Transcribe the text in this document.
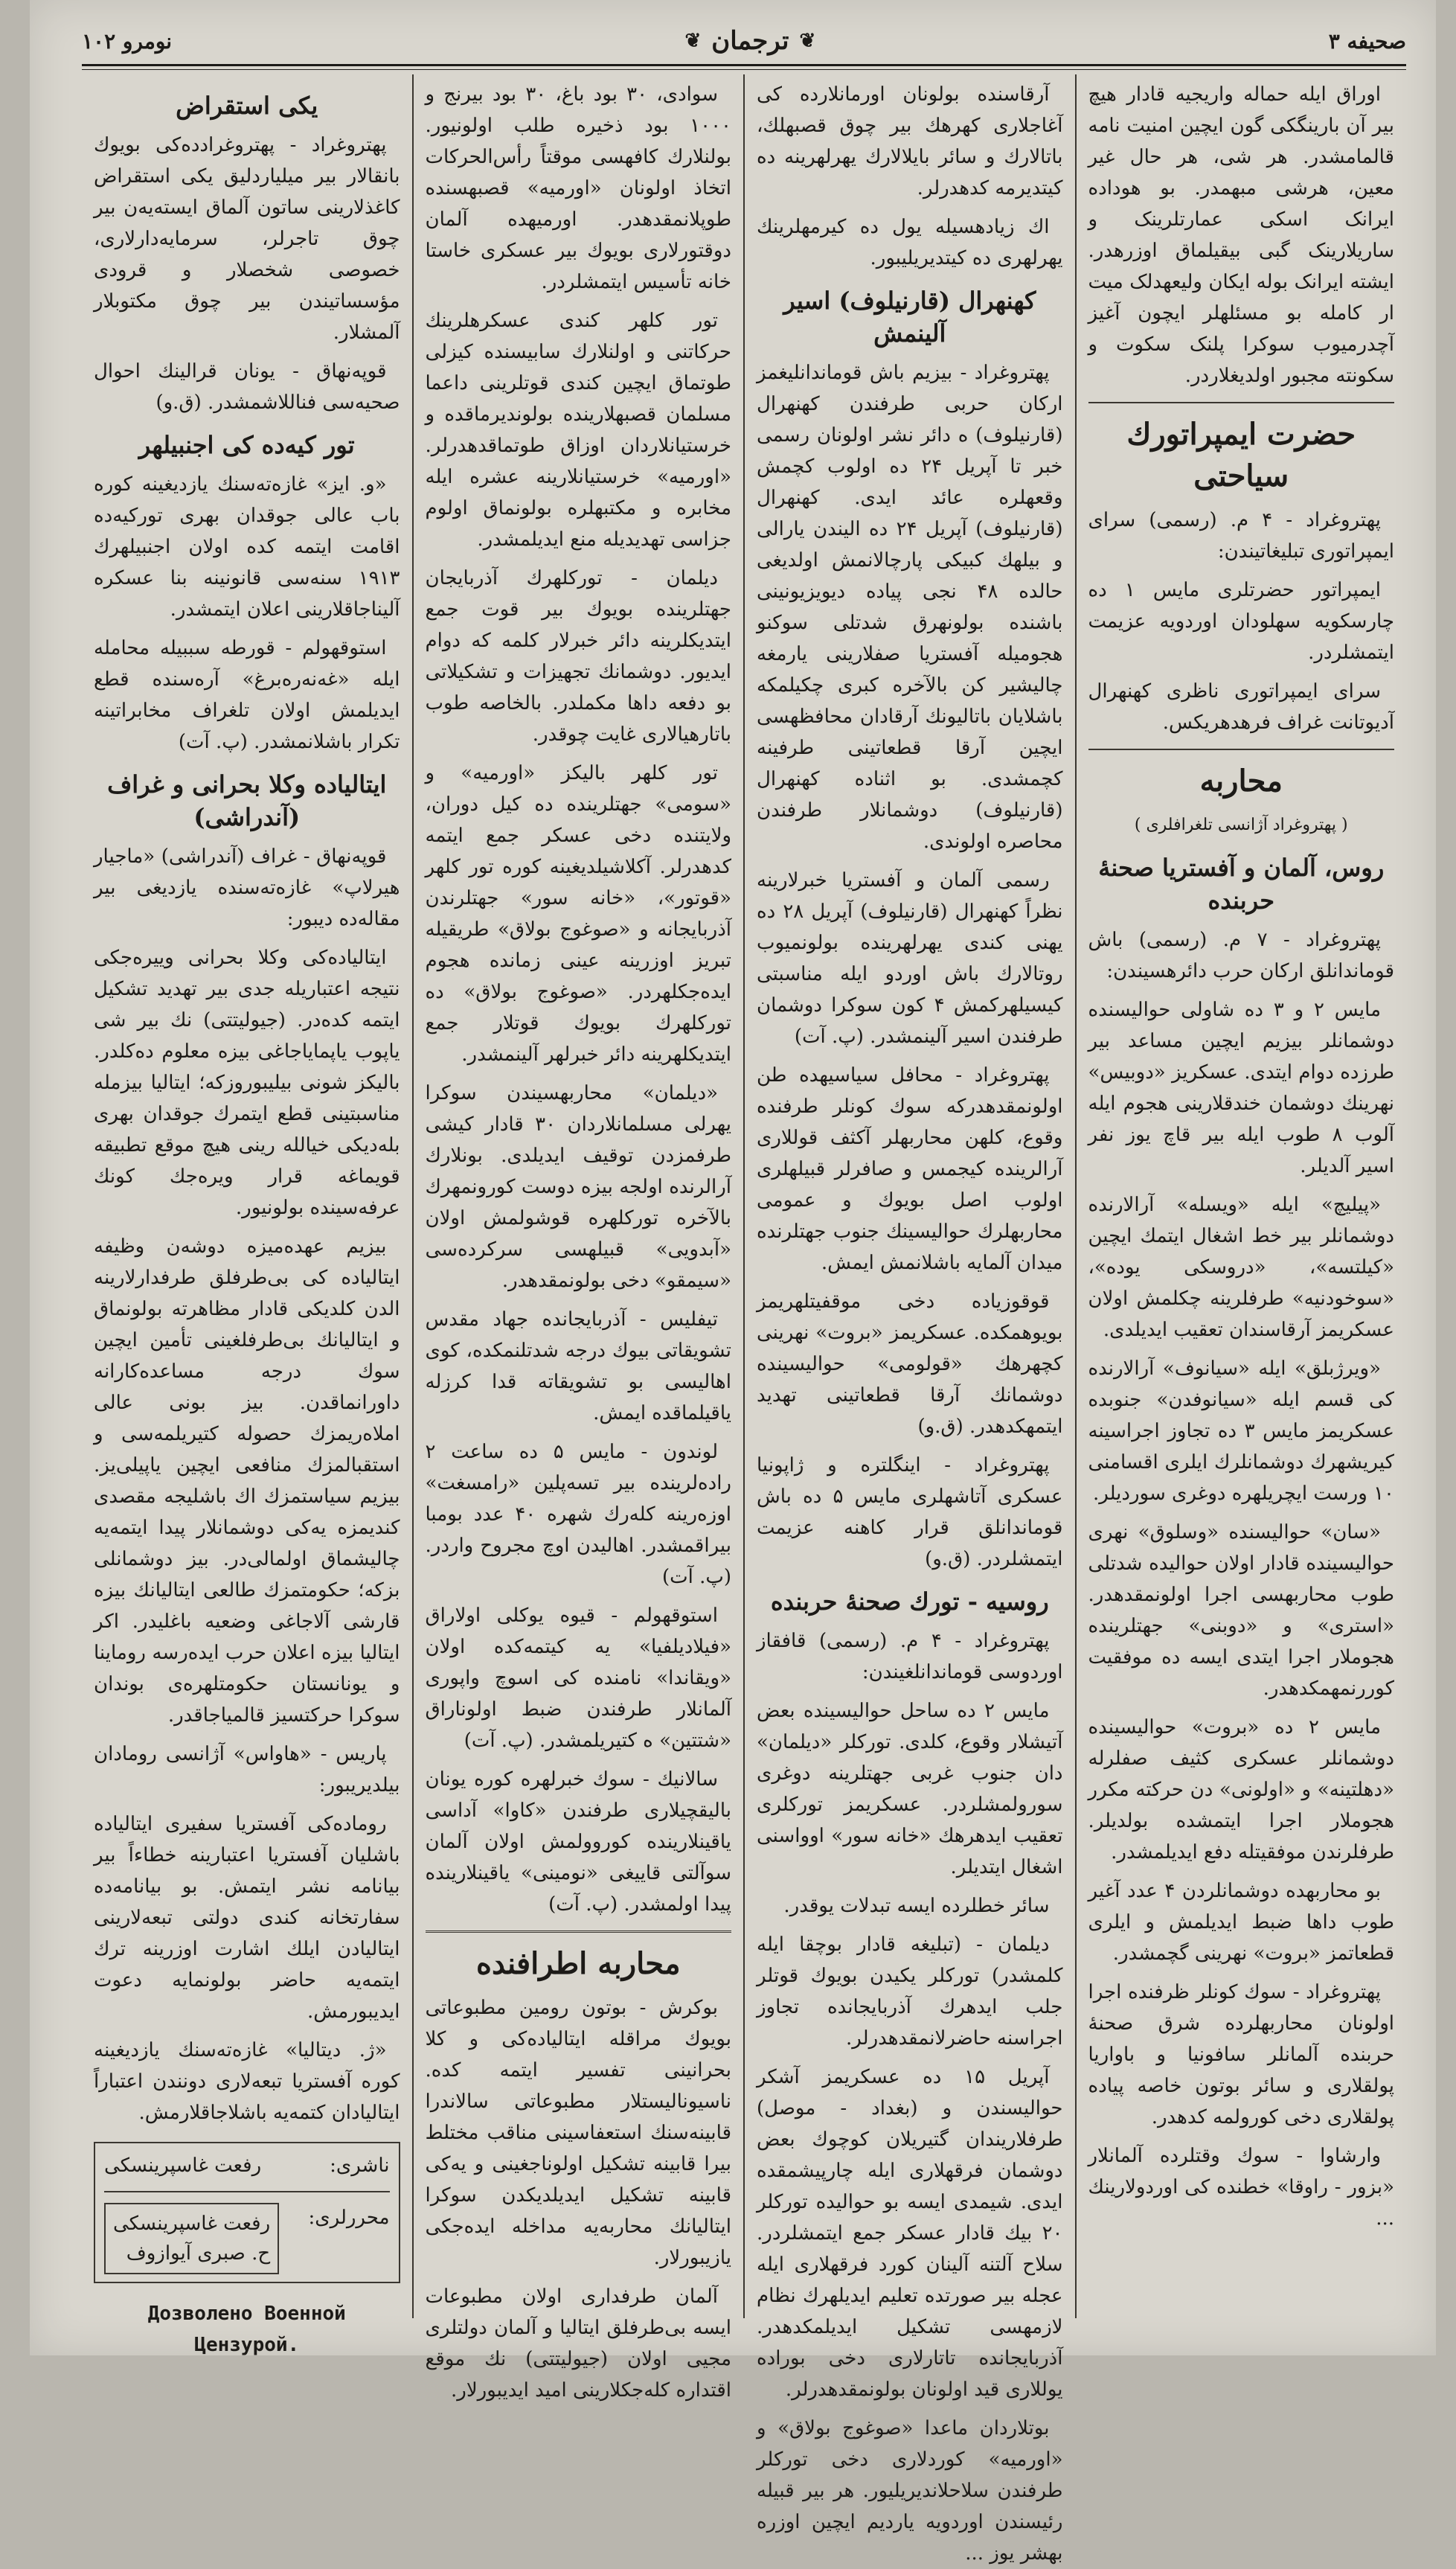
صحیفه ۳
❦
ترجمان
❦
نومرو ۱۰۲

اوراق ایله حماله واریجیه قادار هیچ بیر آن بارینگکی گون ایچین امنیت نامه قالمامشدر. هر شی، هر حال غیر معین، هرشی مبهمدر. بو هوداده ایرانک اسکی عمارتلرینک و ساریلارینک گبی بیقیلماق اوزرهدر. ایشته ایرانک بوله ایکان ولیعهدلک میت ار کامله بو مسئلهلر ایچون آغیز آچدرمیوب سوکرا پلنک سکوت و سکونته مجبور اولدیغلاردر.

حضرت ایمپراتورك سیاحتی

پهتروغراد - ۴ م. (رسمی) سرای ایمپراتوری تبلیغاتیندن:

ایمپراتور حضرتلری مایس ۱ ده چارسکویه سهلودان اوردویه عزیمت ایتمشلردر.

سرای ایمپراتوری ناظری کهنهرال آدیوتانت غراف فرهدهریکس.

محاربه
( پهتروغراد آژانسی تلغرافلری )
روس، آلمان و آفستریا صحنهٔ حربنده

پهتروغراد - ۷ م. (رسمی) باش قوماندانلق ارکان حرب دائرهسیندن:

مایس ۲ و ۳ ده شاولی حوالیسنده دوشمانلر بیزیم ایچین مساعد بیر طرزده دوام ایتدی. عسکریز «دوبیس» نهرینك دوشمان خندقلارینی هجوم ایله آلوب ۸ طوب ایله بیر قاچ یوز نفر اسیر آلدیلر.

«پیلیچ» ایله «ویسله» آرالارنده دوشمانلر بیر خط اشغال ایتمك ایچین «کیلتسه»، «دروسکی یوده»، «سوخودنیه» طرفلرینه چکلمش اولان عسکریمز آرقاسندان تعقیب ایدیلدی.

«ویرژبلق» ایله «سیانوف» آرالارنده کی قسم ایله «سیانوفدن» جنوبده عسکریمز مایس ۳ ده تجاوز اجراسینه کیریشهرك دوشمانلرك ایلری اقسامنی ۱۰ ورست ایچریلهره دوغری سوردیلر.

«سان» حوالیسنده «وسلوق» نهری حوالیسینده قادار اولان حوالیده شدتلی طوب محاربهسی اجرا اولونمقدهدر. «استری» و «دوبنی» جهتلرینده هجوملار اجرا ایتدی ایسه ده موفقیت کوررنمهمکدهدر.

مایس ۲ ده «بروت» حوالیسینده دوشمانلر عسکری کثیف صفلرله «دهلتینه» و «اولونی» دن حرکته مکرر هجوملار اجرا ایتمشده بولدیلر. طرفلرندن موفقیتله دفع ایدیلمشدر.

بو محاربهده دوشمانلردن ۴ عدد آغیر طوب داها ضبط ایدیلمش و ایلری قطعاتمز «بروت» نهرینی گچمشدر.

پهتروغراد - سوك کونلر ظرفنده اجرا اولونان محاربهلرده شرق صحنهٔ حربنده آلمانلر سافونیا و باواریا پولقلاری و سائر بوتون خاصه پیاده پولقلاری دخی کورولمه کدهدر.

وارشاوا - سوك وقتلرده آلمانلار «بزور - راوقا» خطنده کی اوردولارینك ...

آرقاسنده بولونان اورمانلارده کی آغاجلاری کهرهك بیر چوق قصبهلك، باتالارك و سائر بایلالارك یهرلهرینه ده کیتدیرمه کدهدرلر.

اك زیادهسیله یول ده کیرمهلرینك یهرلهری ده کیتدیریلیبور.

کهنهرال (قارنیلوف) اسیر آلینمش

پهتروغراد - بیزیم باش قوماندانلیغمز ارکان حربی طرفندن کهنهرال (قارنیلوف) ه دائر نشر اولونان رسمی خبر تا آپریل ۲۴ ده اولوب کچمش وقعهلره عائد ایدی. کهنهرال (قارنیلوف) آپریل ۲۴ ده الیندن یارالی و بیلهك کبیکی پارچالانمش اولدیغی حالده ۴۸ نجی پیاده دیویزیونینی باشنده بولونهرق شدتلی سوکنو هجومیله آفستریا صفلارینی یارمغه چالیشیر کن بالآخره کبری چکیلمکه باشلایان باتالیونك آرقادان محافظهسی ایچین آرقا قطعاتینی طرفینه کچمشدی. بو اثناده کهنهرال (قارنیلوف) دوشمانلار طرفندن محاصره اولوندی.

رسمی آلمان و آفستریا خبرلارینه نظراً کهنهرال (قارنیلوف) آپریل ۲۸ ده یهنی کندی یهرلهرینده بولونمیوب روتالارك باش اوردو ایله مناسبتی کیسیلهرکمش ۴ کون سوکرا دوشمان طرفندن اسیر آلینمشدر. (پ. آت)

پهتروغراد - محافل سیاسیهده طن اولونمقدهدرکه سوك کونلر طرفنده وقوع، کلهن محاربهلر آکثف قوللاری آرالرینده کیجمس و صافرلر قبیلهلری اولوب اصل بویوك و عمومی محاربهلرك حوالیسینك جنوب جهتلرنده میدان آلمایه باشلانمش ایمش.

قوقوزیاده دخی موقفیتلهریمز بویوهمکده. عسکریمز «بروت» نهرینی کچهرهك «قولومی» حوالیسینده دوشمانك آرقا قطعاتینی تهدید ایتمهکدهدر. (ق.و)

پهتروغراد - اینگلتره و ژاپونیا عسکری آتاشهلری مایس ۵ ده باش قوماندانلق قرار کاهنه عزیمت ایتمشلردر. (ق.و)

روسیه - تورك صحنهٔ حربنده

پهتروغراد - ۴ م. (رسمی) قافقاز اوردوسی قوماندانلغیندن:

مایس ۲ ده ساحل حوالیسینده بعض آتیشلار وقوع، کلدی. تورکلر «دیلمان» دان جنوب غربی جهتلرینه دوغری سورولمشلردر. عسکریمز تورکلری تعقیب ایدهرهك «خانه سور» اوواسنی اشغال ایتدیلر.

سائر خطلرده ایسه تبدلات یوقدر.

دیلمان - (تبلیغه قادار بوچقا ایله کلمشدر) تورکلر یکیدن بویوك قوتلر جلب ایدهرك آذربایجانده تجاوز اجراسنه حاضرلانمقدهدرلر.

آپریل ۱۵ ده عسکریمز آشکر حوالیسندن و (بغداد - موصل) طرفلاریندان گتیریلان کوچوك بعض دوشمان فرقهلاری ایله چارپیشمقده ایدی. شیمدی ایسه بو حوالیده تورکلر ۲۰ بیك قادار عسکر جمع ایتمشلردر. سلاح آلتنه آلینان کورد فرقهلاری ایله عجله بیر صورتده تعلیم ایدیلهرك نظام لازمهسی تشکیل ایدیلمکدهدر. آذربایجانده تاتارلاری دخی بوراده یوللاری قید اولونان بولونمقدهدرلر.

بوتلاردان ماعدا «صوغوج بولاق» و «اورمیه» کوردلاری دخی تورکلر طرفندن سلاحلاندیریلیور. هر بیر قبیله رئیسندن اوردویه یاردیم ایچین اوزره بهشر یوز ...

سوادی، ۳۰ بود باغ، ۳۰ بود بیرنج و ۱۰۰۰ بود ذخیره طلب اولونیور. بولنلارك كافهسی موقتاً رأس‌الحرکات اتخاذ اولونان «اورمیه» قصبهسنده طوپلانمقدهدر. اورمیهده آلمان دوقتورلاری بویوك بیر عسکری خاستا خانه تأسیس ایتمشلردر.

تور کلهر کندی عسکرهلرینك حرکاتنی و اولنلارك سابیسنده کیزلی طوتماق ایچین کندی قوتلرینی داعما مسلمان قصبهلارینده بولوندیرماقده و خرستیانلاردان اوزاق طوتماقدهدرلر. «اورمیه» خرستیانلارینه عشره ایله مخابره و مکتبهلره بولونماق اولوم جزاسی تهدیدیله منع ایدیلمشدر.

دیلمان - تورکلهرك آذربایجان جهتلرینده بویوك بیر قوت جمع ایتدیکلرینه دائر خبرلار کلمه که دوام ایدیور. دوشمانك تجهیزات و تشکیلاتی بو دفعه داها مکملدر. بالخاصه طوب باتارهیالاری غایت چوقدر.

تور کلهر بالیکز «اورمیه» و «سومی» جهتلرینده ده کیل دوران، ولایتنده دخی عسکر جمع ایتمه کدهدرلر. آکلاشیلدیغینه کوره تور کلهر «قوتور»، «خانه سور» جهتلرندن آذربایجانه و «صوغوج بولاق» طریقیله تبریز اوزرینه عینی زمانده هجوم ایده‌جکلهردر. «صوغوج بولاق» ده تورکلهرك بویوك قوتلار جمع ایتدیکلهرینه دائر خبرلهر آلینمشدر.

«دیلمان» محاربهسیندن سوکرا یهرلی مسلمانلاردان ۳۰ قادار کیشی طرفمزدن توقیف ایدیلدی. بونلارك آرالرنده اولجه بیزه دوست کورونمهرك بالآخره تورکلهره قوشولمش اولان «آبدویی» قبیلهسی سرکرده‌سی «سیمقو» دخی بولونمقدهدر.

تیفلیس - آذربایجانده جهاد مقدس تشویقاتی بیوك درجه شدتلنمکده، کوی اهالیسی بو تشویقاته قدا کرزله یاقیلماقده ایمش.

لوندون - مایس ۵ ده ساعت ۲ راده‌لرینده بیر تسه‌پلین «رامسغت» اوزه‌رینه کله‌رك شهره ۴۰ عدد بومبا بیراقمشدر. اهالیدن اوچ مجروح واردر. (پ. آت)

استوقهولم - قیوه یوکلی اولاراق «فیلادیلفیا» یه کیتمه‌کده اولان «ویقاندا» نامنده کی اسوچ واپوری آلمانلار طرفندن ضبط اولوناراق «شتتین» ه کتیریلمشدر. (پ. آت)

سالانیك - سوك خبرلهره کوره یونان بالیقچیلاری طرفندن «کاوا» آداسی یاقینلارینده کوروولمش اولان آلمان سوآلتی قاییغی «نومینی» یاقینلارینده پیدا اولمشدر. (پ. آت)

محاربه اطرافنده

بوکرش - بوتون رومین مطبوعاتی بویوك مراقله ایتالیاده‌کی و کلا بحرانینی تفسیر ایتمه کده. ناسیونالیستلار مطبوعاتی سالاندرا قابینه‌سنك استعفاسینی مناقب مختلط بیرا قابینه تشکیل اولوناجغینی و یه‌کی قابینه تشکیل ایدیلدیکدن سوکرا ایتالیانك محاربه‌یه مداخله ایده‌جکی یازیبورلار.

آلمان طرفداری اولان مطبوعات ایسه بی‌طرفلق ایتالیا و آلمان دولتلری مجیی اولان (جیولیتتی) نك موقع اقتداره کله‌جکلارینی امید ایدیبورلار.

یکی استقراض

پهتروغراد - پهتروغرادده‌کی بویوك بانقالار بیر میلیاردلیق یکی استقراض کاغذلارینی ساتون آلماق ایسته‌یه‌ن بیر چوق تاجرلر، سرمایه‌دارلاری، خصوصی شخصلار و قرودی مؤسساتیندن بیر چوق مکتوبلار آلمشلار.

قوپه‌نهاق - یونان قرالینك احوال صحیه‌سی فناللاشمشدر. (ق.و)

تور کیه‌ده کی اجنبیلهر

«و. ایز» غازه‌ته‌سنك یازدیغینه کوره باب عالی جوقدان بهری تورکیه‌ده اقامت ایتمه کده اولان اجنبیلهرك ۱۹۱۳ سنه‌سی قانونینه بنا عسکره آلیناجاقلارینی اعلان ایتمشدر.

استوقهولم - قورطه سببیله محامله ایله «غه‌نه‌ره‌برغ» آره‌سنده قطع ایدیلمش اولان تلغراف مخابراتینه تکرار باشلانمشدر. (پ. آت)

ایتالیاده وکلا بحرانی و غراف (آندراشی)

قوپه‌نهاق - غراف (آندراشی) «ماجیار هیرلاپ» غازه‌ته‌سنده یازدیغی بیر مقاله‌ده دیبور:

ایتالیاده‌کی وکلا بحرانی وییره‌جکی نتیجه اعتباریله جدی بیر تهدید تشکیل ایتمه کده‌در. (جیولیتتی) نك بیر شی یاپوب یاپمایاجاغی بیزه معلوم ده‌کلدر. بالیکز شونی بیلیبوروزکه؛ ایتالیا بیزمله مناسبتینی قطع ایتمرك جوقدان بهری بله‌دیکی خیالله رینی هیچ موقع تطبیقه قویماغه قرار ویره‌جك کونك عرفه‌سینده بولونیور.

بیزیم عهده‌میزه دوشه‌ن وظیفه ایتالیاده کی بی‌طرفلق طرفدارلارینه الدن کلدیکی قادار مظاهرته بولونماق و ایتالیانك بی‌طرفلغینی تأمین ایچین سوك درجه مساعده‌کارانه داورانماقدن. بیز بونی عالی املاه‌ریمزك حصوله کتیریلمه‌سی و استقبالمزك منافعی ایچین یاپیلی‌یز. بیزیم سیاستمزك اك باشلیجه مقصدی کندیمزه یه‌کی دوشمانلار پیدا ایتمه‌یه چالیشماق اولمالی‌در. بیز دوشمانلی بزکه؛ حکومتمزك طالعی ایتالیانك بیزه قارشی آلاجاغی وضعیه باغلیدر. اکر ایتالیا بیزه اعلان حرب ایده‌رسه روماینا و یونانستان حکومتلهره‌ی بوندان سوکرا حرکتسیز قالمیاجاقدر.

پاریس - «هاواس» آژانسی رومادان بیلدیریبور:

روماده‌کی آفستریا سفیری ایتالیاده باشلیان آفستریا اعتبارینه خطاءاً بیر بیانامه نشر ایتمش. بو بیانامه‌ده سفارتخانه کندی دولتی تبعه‌لارینی ایتالیادن ایلك اشارت اوزرینه ترك ایتمه‌یه حاضر بولونمایه دعوت ایدیبورمش.

«ژ. دیتالیا» غازه‌ته‌سنك یازدیغینه کوره آفستریا تبعه‌لاری دونندن اعتباراً ایتالیادان کتمه‌یه باشلاجاقلارمش.

ناشری:
رفعت غاسپرینسکی
محررلری:
رفعت غاسپرینسکی
ح. صبری آیوازوف
Дозволено Военной Цензурой.
